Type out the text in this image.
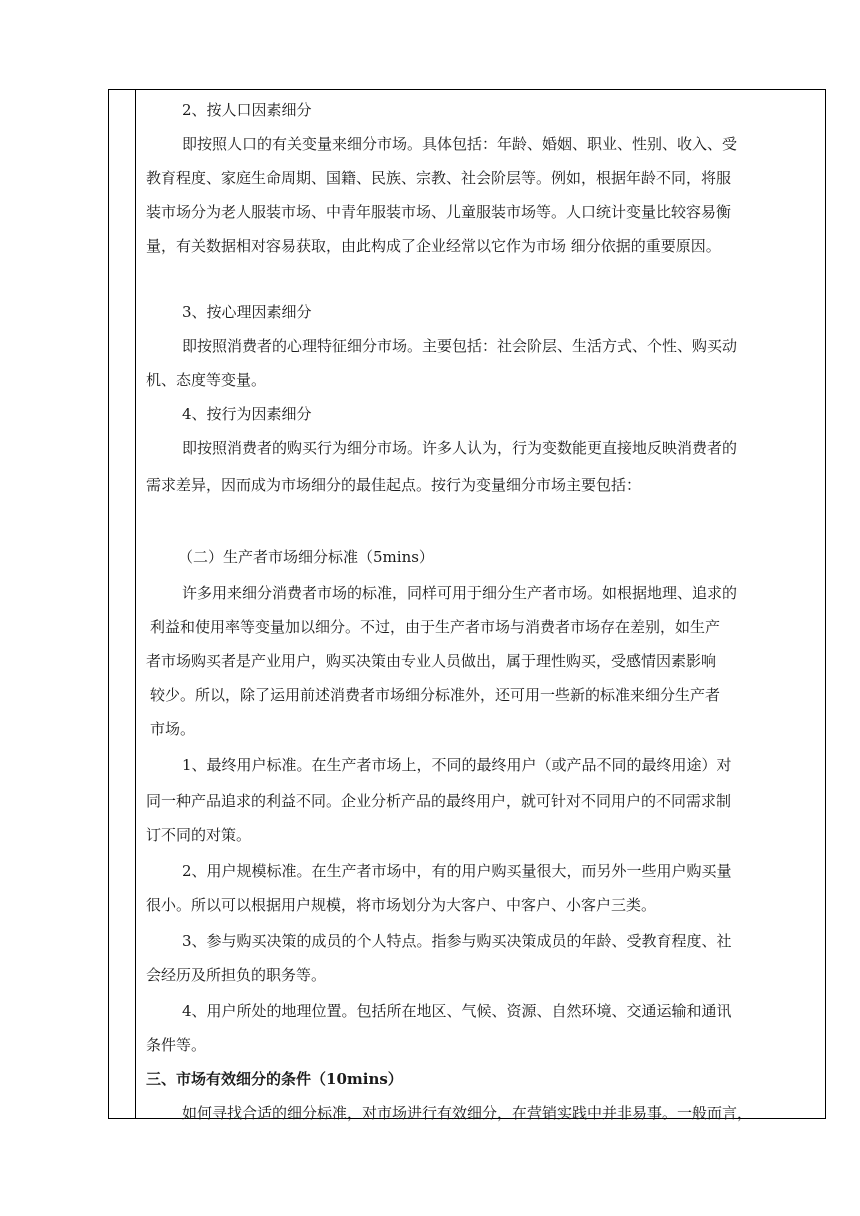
2、按人口因素细分
即按照人口的有关变量来细分市场。具体包括：年龄、婚姻、职业、性别、收入、受
教育程度、家庭生命周期、国籍、民族、宗教、社会阶层等。例如，根据年龄不同，将服
装市场分为老人服装市场、中青年服装市场、儿童服装市场等。人口统计变量比较容易衡
量，有关数据相对容易获取，由此构成了企业经常以它作为市场 细分依据的重要原因。
3、按心理因素细分
即按照消费者的心理特征细分市场。主要包括：社会阶层、生活方式、个性、购买动
机、态度等变量。
4、按行为因素细分
即按照消费者的购买行为细分市场。许多人认为，行为变数能更直接地反映消费者的
需求差异，因而成为市场细分的最佳起点。按行为变量细分市场主要包括：
（二）生产者市场细分标准（5mins）
许多用来细分消费者市场的标准，同样可用于细分生产者市场。如根据地理、追求的
利益和使用率等变量加以细分。不过，由于生产者市场与消费者市场存在差别，如生产
者市场购买者是产业用户，购买决策由专业人员做出，属于理性购买，受感情因素影响
较少。所以，除了运用前述消费者市场细分标准外，还可用一些新的标准来细分生产者
市场。
1、最终用户标准。在生产者市场上，不同的最终用户（或产品不同的最终用途）对
同一种产品追求的利益不同。企业分析产品的最终用户，就可针对不同用户的不同需求制
订不同的对策。
2、用户规模标准。在生产者市场中，有的用户购买量很大，而另外一些用户购买量
很小。所以可以根据用户规模，将市场划分为大客户、中客户、小客户三类。
3、参与购买决策的成员的个人特点。指参与购买决策成员的年龄、受教育程度、社
会经历及所担负的职务等。
4、用户所处的地理位置。包括所在地区、气候、资源、自然环境、交通运输和通讯
条件等。
三、市场有效细分的条件（10mins）
如何寻找合适的细分标准，对市场进行有效细分，在营销实践中并非易事。一般而言，
